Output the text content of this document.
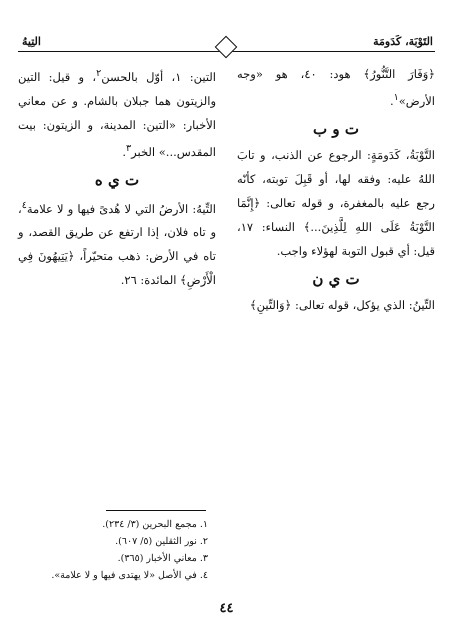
التَوْبَة، كَدَومَة
التِيهُ

﴿وَفَارَ التَّنُّورُ﴾ هود: ٤٠، هو «وجه الأرض»$^١$.

ت و ب

التَّوْبَةُ، كَدَومَةٍ: الرجوع عن الذنب، و تابَ اللهُ عليه: وفقه لها، أو قَبِلَ توبته، كأنّه رجع عليه بالمغفرة، و قوله تعالى: ﴿إِنَّمَا التَّوْبَةُ عَلَى اللهِ لِلَّذِينَ...﴾ النساء: ١٧، قيل: أي قبول التوبة لهؤلاء واجب.

ت ي ن

التِّينُ: الذي يؤكل، قوله تعالى: ﴿وَالتِّينِ﴾

التين: ١، أوّل بالحسن$^٢$، و قيل: التين والزيتون هما جبلان بالشام. و عن معاني الأخبار: «التين: المدينة، و الزيتون: بيت المقدس...» الخبر$^٣$.

ت ي ه

التِّيهُ: الأرضُ التي لا هُدىً فيها و لا علامة$^٤$، و تاه فلان، إذا ارتفع عن طريق القصد، و تاه في الأرض: ذهب متحيّراً، ﴿يَتِيهُونَ فِي الْأَرْضِ﴾ المائدة: ٢٦.

١. مجمع البحرين (٣/ ٢٣٤).
٢. نور الثقلين (٥/ ٦٠٧).
٣. معاني الأخبار (٣٦٥).
٤. في الأصل «لا يهتدى فيها و لا علامة».
٤٤
